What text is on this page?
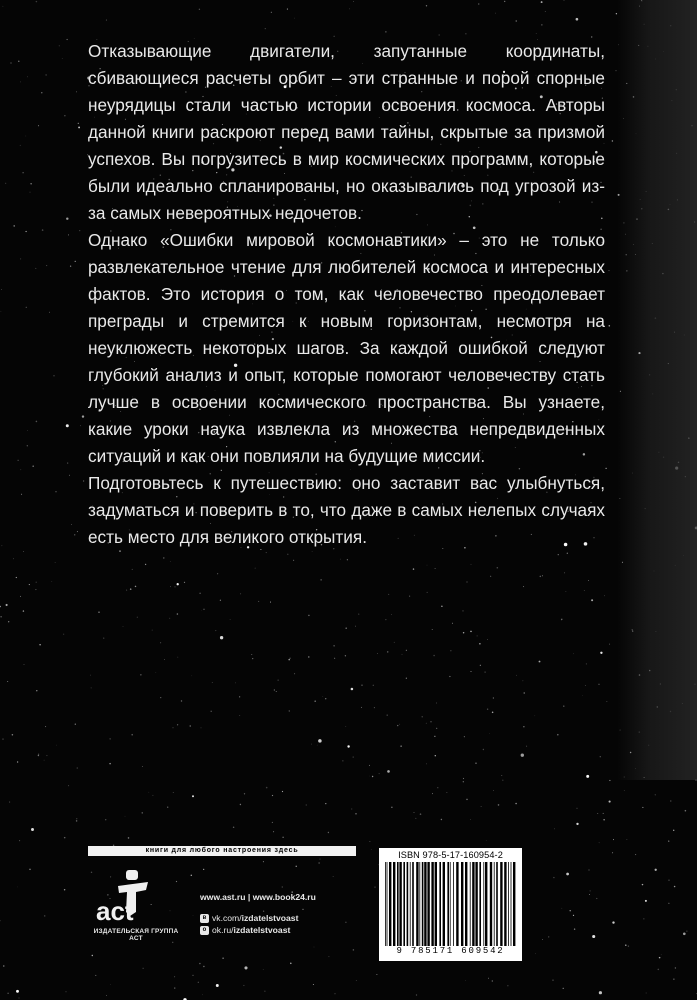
Отказывающие двигатели, запутанные координаты, сбивающиеся расчеты орбит – эти странные и порой спорные неурядицы стали частью истории освоения космоса. Авторы данной книги раскроют перед вами тайны, скрытые за призмой успехов. Вы погрузитесь в мир космических программ, которые были идеально спланированы, но оказывались под угрозой из-за самых невероятных недочетов.

Однако «Ошибки мировой космонавтики» – это не только развлекательное чтение для любителей космоса и интересных фактов. Это история о том, как человечество преодолевает преграды и стремится к новым горизонтам, несмотря на неуклюжесть некоторых шагов. За каждой ошибкой следуют глубокий анализ и опыт, которые помогают человечеству стать лучше в освоении космического пространства. Вы узнаете, какие уроки наука извлекла из множества непредвиденных ситуаций и как они повлияли на будущие миссии.

Подготовьтесь к путешествию: оно заставит вас улыбнуться, задуматься и поверить в то, что даже в самых нелепых случаях есть место для великого открытия.

книги для любого настроения здесь
act
ИЗДАТЕЛЬСКАЯ ГРУППА АСТ
www.ast.ru | www.book24.ru
в vk.com/ izdatelstvoast
о ok.ru/ izdatelstvoast
ISBN 978-5-17-160954-2
9 785171 609542
